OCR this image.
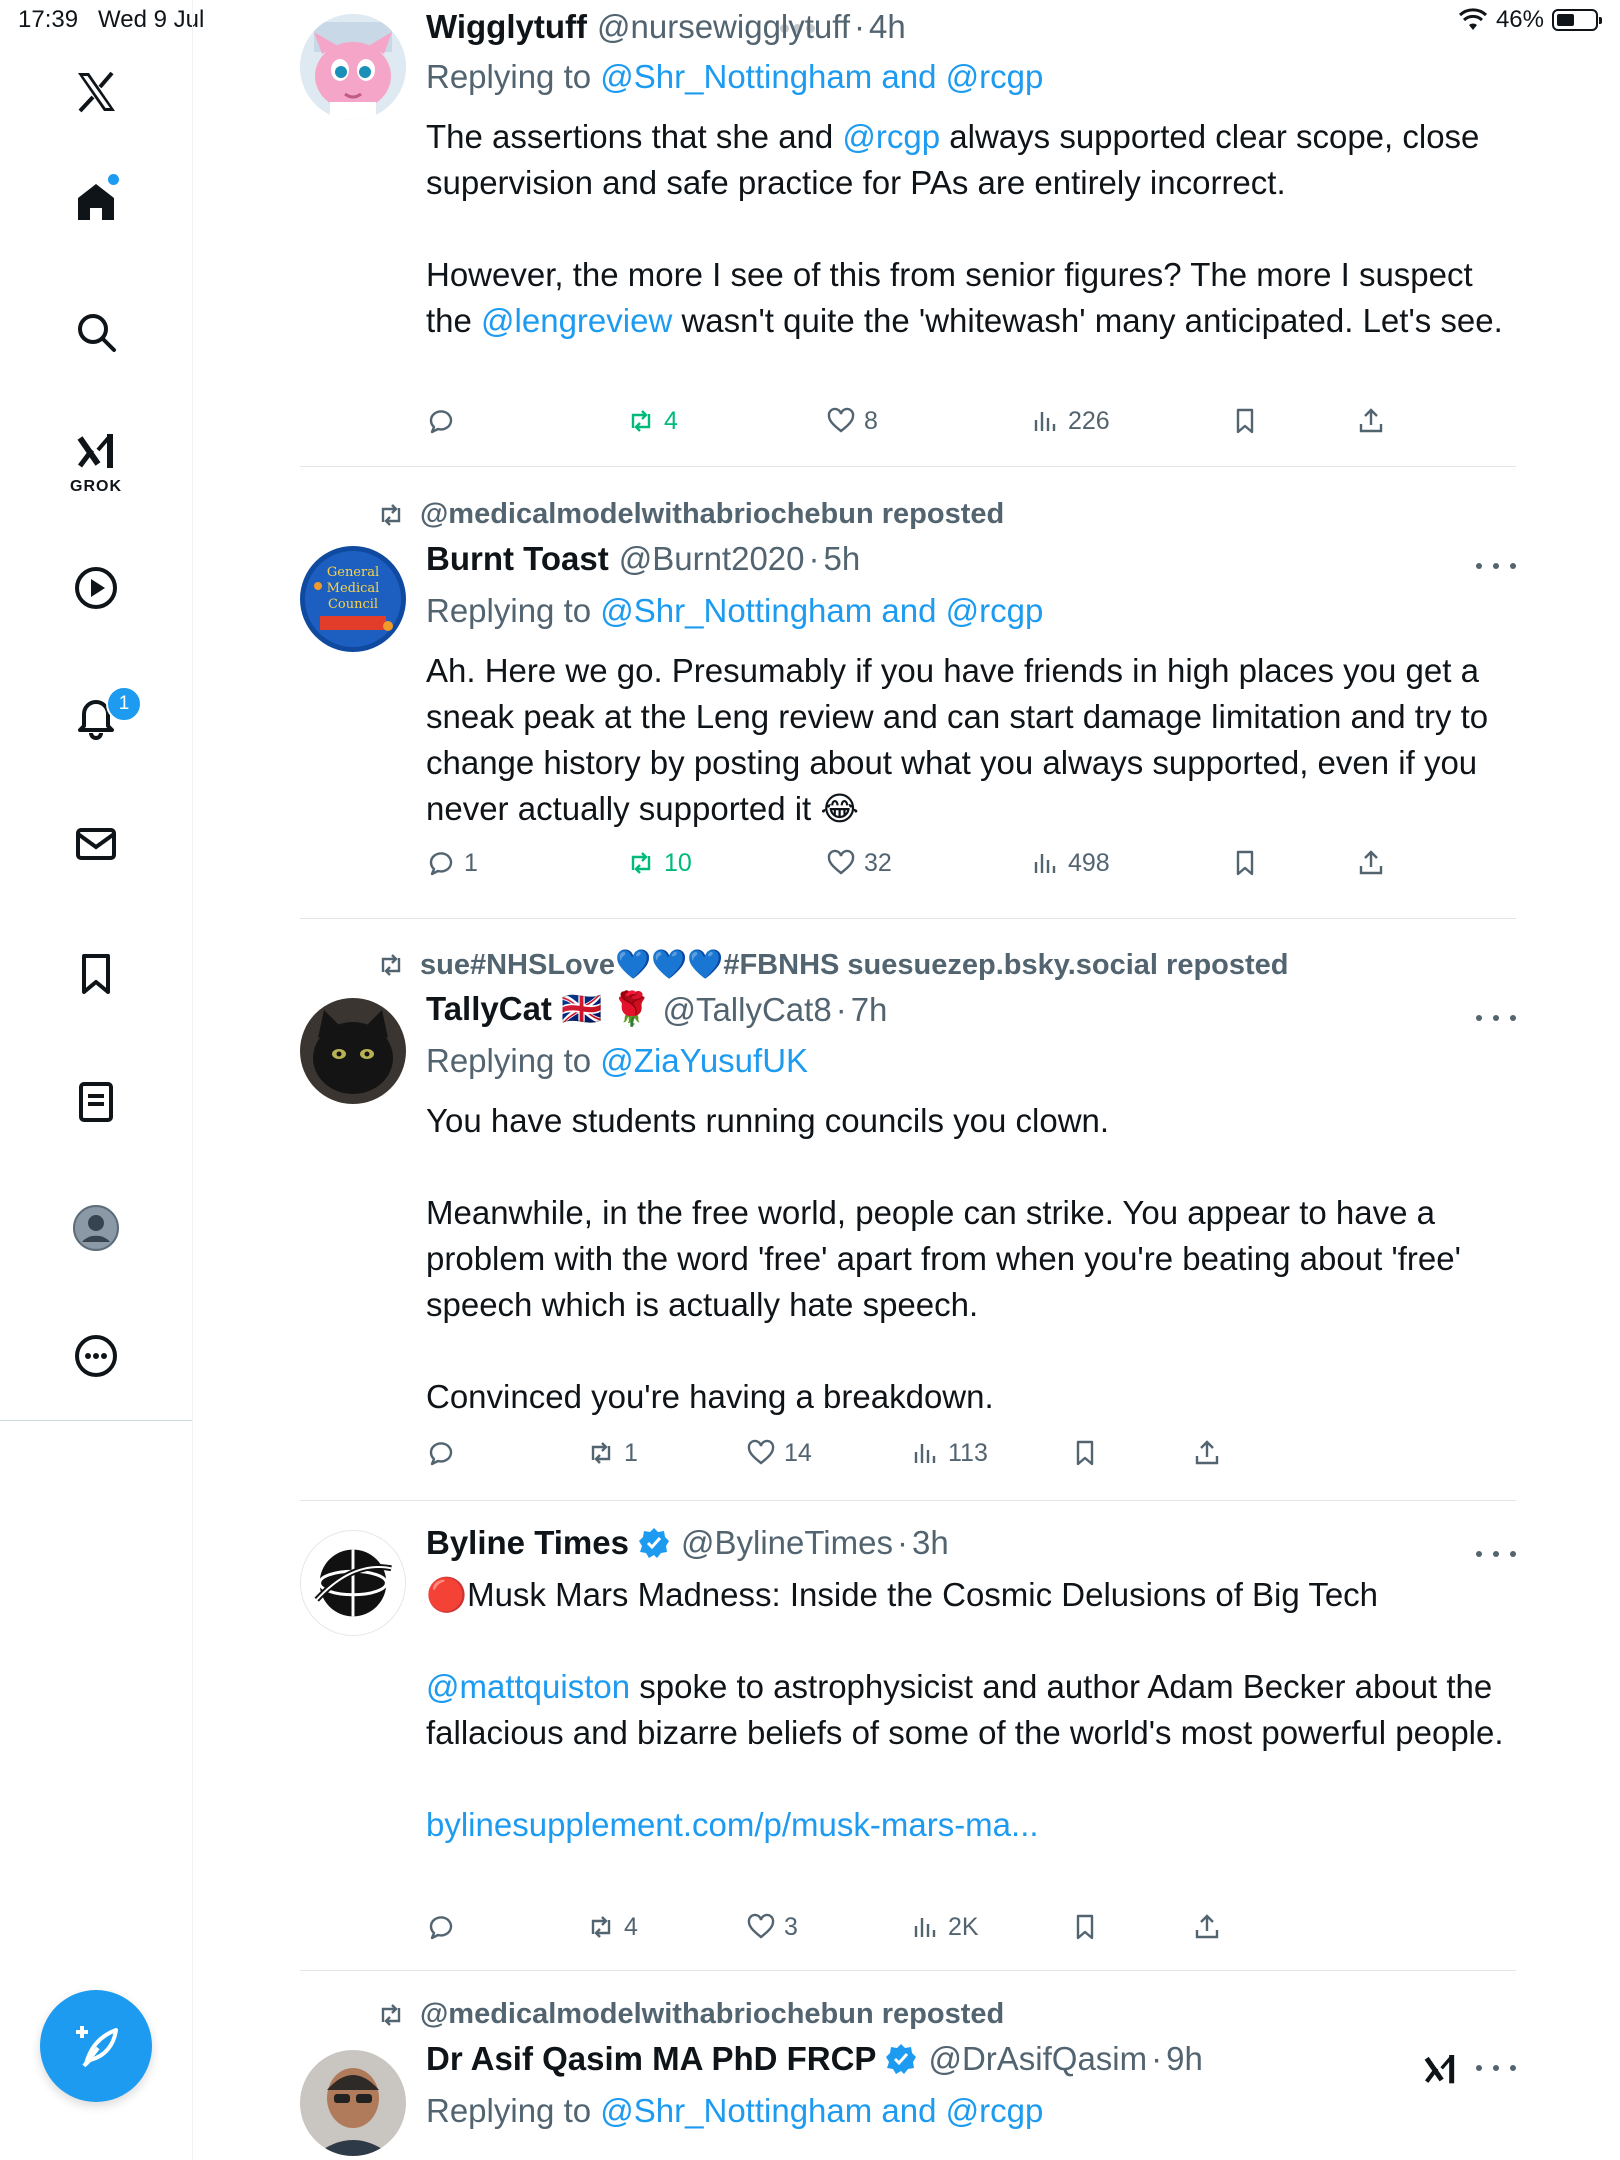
17:39 Wed 9 Jul	46%
GROK
1
Wigglytuff @nursewigglytuff · 4h
Replying to @Shr_Nottingham and @rcgp

The assertions that she and @rcgp always supported clear scope, close supervision and safe practice for PAs are entirely incorrect.

However, the more I see of this from senior figures? The more I suspect the @lengreview wasn't quite the 'whitewash' many anticipated. Let's see.

4	8	226
@medicalmodelwithabriochebun reposted
General
Medical
Council
Burnt Toast @Burnt2020 · 5h
Replying to @Shr_Nottingham and @rcgp

Ah. Here we go. Presumably if you have friends in high places you get a sneak peak at the Leng review and can start damage limitation and try to change history by posting about what you always supported, even if you never actually supported it 😂

1	10	32	498
sue#NHSLove💙💙💙#FBNHS suesuezep.bsky.social reposted
TallyCat 🇬🇧 🌹 @TallyCat8 · 7h
Replying to @ZiaYusufUK

You have students running councils you clown.

Meanwhile, in the free world, people can strike. You appear to have a problem with the word 'free' apart from when you're beating about 'free' speech which is actually hate speech.

Convinced you're having a breakdown.

1	14	113
Byline Times @BylineTimes · 3h

🔴Musk Mars Madness: Inside the Cosmic Delusions of Big Tech

@mattquiston spoke to astrophysicist and author Adam Becker about the fallacious and bizarre beliefs of some of the world's most powerful people.

bylinesupplement.com/p/musk-mars-ma...

4	3	2K
@medicalmodelwithabriochebun reposted
Dr Asif Qasim MA PhD FRCP @DrAsifQasim · 9h
Replying to @Shr_Nottingham and @rcgp
